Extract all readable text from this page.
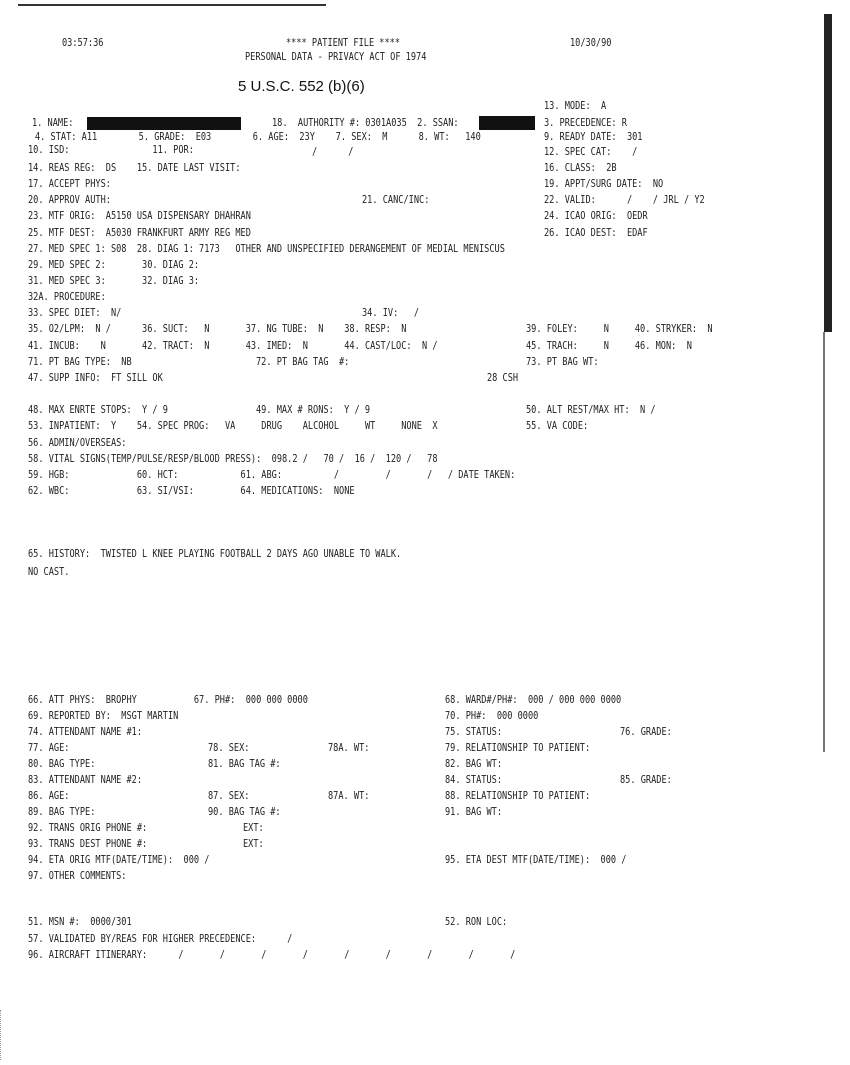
03:57:36	**** PATIENT FILE ****
PERSONAL DATA - PRIVACY ACT OF 1974
10/30/90
5 U.S.C. 552 (b)(6)
13. MODE:  A
1. NAME:	18.  AUTHORITY #: 0301A035  2. SSAN:	3. PRECEDENCE: R
4. STAT: A11        5. GRADE:  E03        6. AGE:  23Y    7. SEX:  M      8. WT:   140	9. READY DATE:  301
10. ISD:                11. POR:	/      /	12. SPEC CAT:    /
14. REAS REG:  DS    15. DATE LAST VISIT:	16. CLASS:  2B
17. ACCEPT PHYS:	19. APPT/SURG DATE:  NO
20. APPROV AUTH:	21. CANC/INC:	22. VALID:      /    / JRL / Y2
23. MTF ORIG:  A5150 USA DISPENSARY DHAHRAN	24. ICAO ORIG:  OEDR
25. MTF DEST:  A5030 FRANKFURT ARMY REG MED	26. ICAO DEST:  EDAF
27. MED SPEC 1: S08  28. DIAG 1: 7173   OTHER AND UNSPECIFIED DERANGEMENT OF MEDIAL MENISCUS
29. MED SPEC 2:       30. DIAG 2:
31. MED SPEC 3:       32. DIAG 3:
32A. PROCEDURE:
33. SPEC DIET:  N/	34. IV:   /
35. O2/LPM:  N /      36. SUCT:   N       37. NG TUBE:  N    38. RESP:  N	39. FOLEY:     N     40. STRYKER:  N
41. INCUB:    N       42. TRACT:  N       43. IMED:  N       44. CAST/LOC:  N /	45. TRACH:     N     46. MON:  N
71. PT BAG TYPE:  NB	72. PT BAG TAG  #:	73. PT BAG WT:
47. SUPP INFO:  FT SILL OK	28 CSH
48. MAX ENRTE STOPS:  Y / 9	49. MAX # RONS:  Y / 9	50. ALT REST/MAX HT:  N /
53. INPATIENT:  Y    54. SPEC PROG:   VA     DRUG    ALCOHOL     WT     NONE  X	55. VA CODE:
56. ADMIN/OVERSEAS:
58. VITAL SIGNS(TEMP/PULSE/RESP/BLOOD PRESS):  098.2 /   70 /  16 /  120 /   78
59. HGB:             60. HCT:            61. ABG:          /         /       /   / DATE TAKEN:
62. WBC:             63. SI/VSI:         64. MEDICATIONS:  NONE
65. HISTORY:  TWISTED L KNEE PLAYING FOOTBALL 2 DAYS AGO UNABLE TO WALK.
NO CAST.
66. ATT PHYS:  BROPHY           67. PH#:  000 000 0000	68. WARD#/PH#:  000 / 000 000 0000
69. REPORTED BY:  MSGT MARTIN	70. PH#:  000 0000
74. ATTENDANT NAME #1:	75. STATUS:	76. GRADE:
77. AGE:	78. SEX:	78A. WT:	79. RELATIONSHIP TO PATIENT:
80. BAG TYPE:	81. BAG TAG #:	82. BAG WT:
83. ATTENDANT NAME #2:	84. STATUS:	85. GRADE:
86. AGE:	87. SEX:	87A. WT:	88. RELATIONSHIP TO PATIENT:
89. BAG TYPE:	90. BAG TAG #:	91. BAG WT:
92. TRANS ORIG PHONE #:	EXT:
93. TRANS DEST PHONE #:	EXT:
94. ETA ORIG MTF(DATE/TIME):  000 /	95. ETA DEST MTF(DATE/TIME):  000 /
97. OTHER COMMENTS:
51. MSN #:  0000/301	52. RON LOC:
57. VALIDATED BY/REAS FOR HIGHER PRECEDENCE:      /
96. AIRCRAFT ITINERARY:      /       /       /       /       /       /       /       /       /
